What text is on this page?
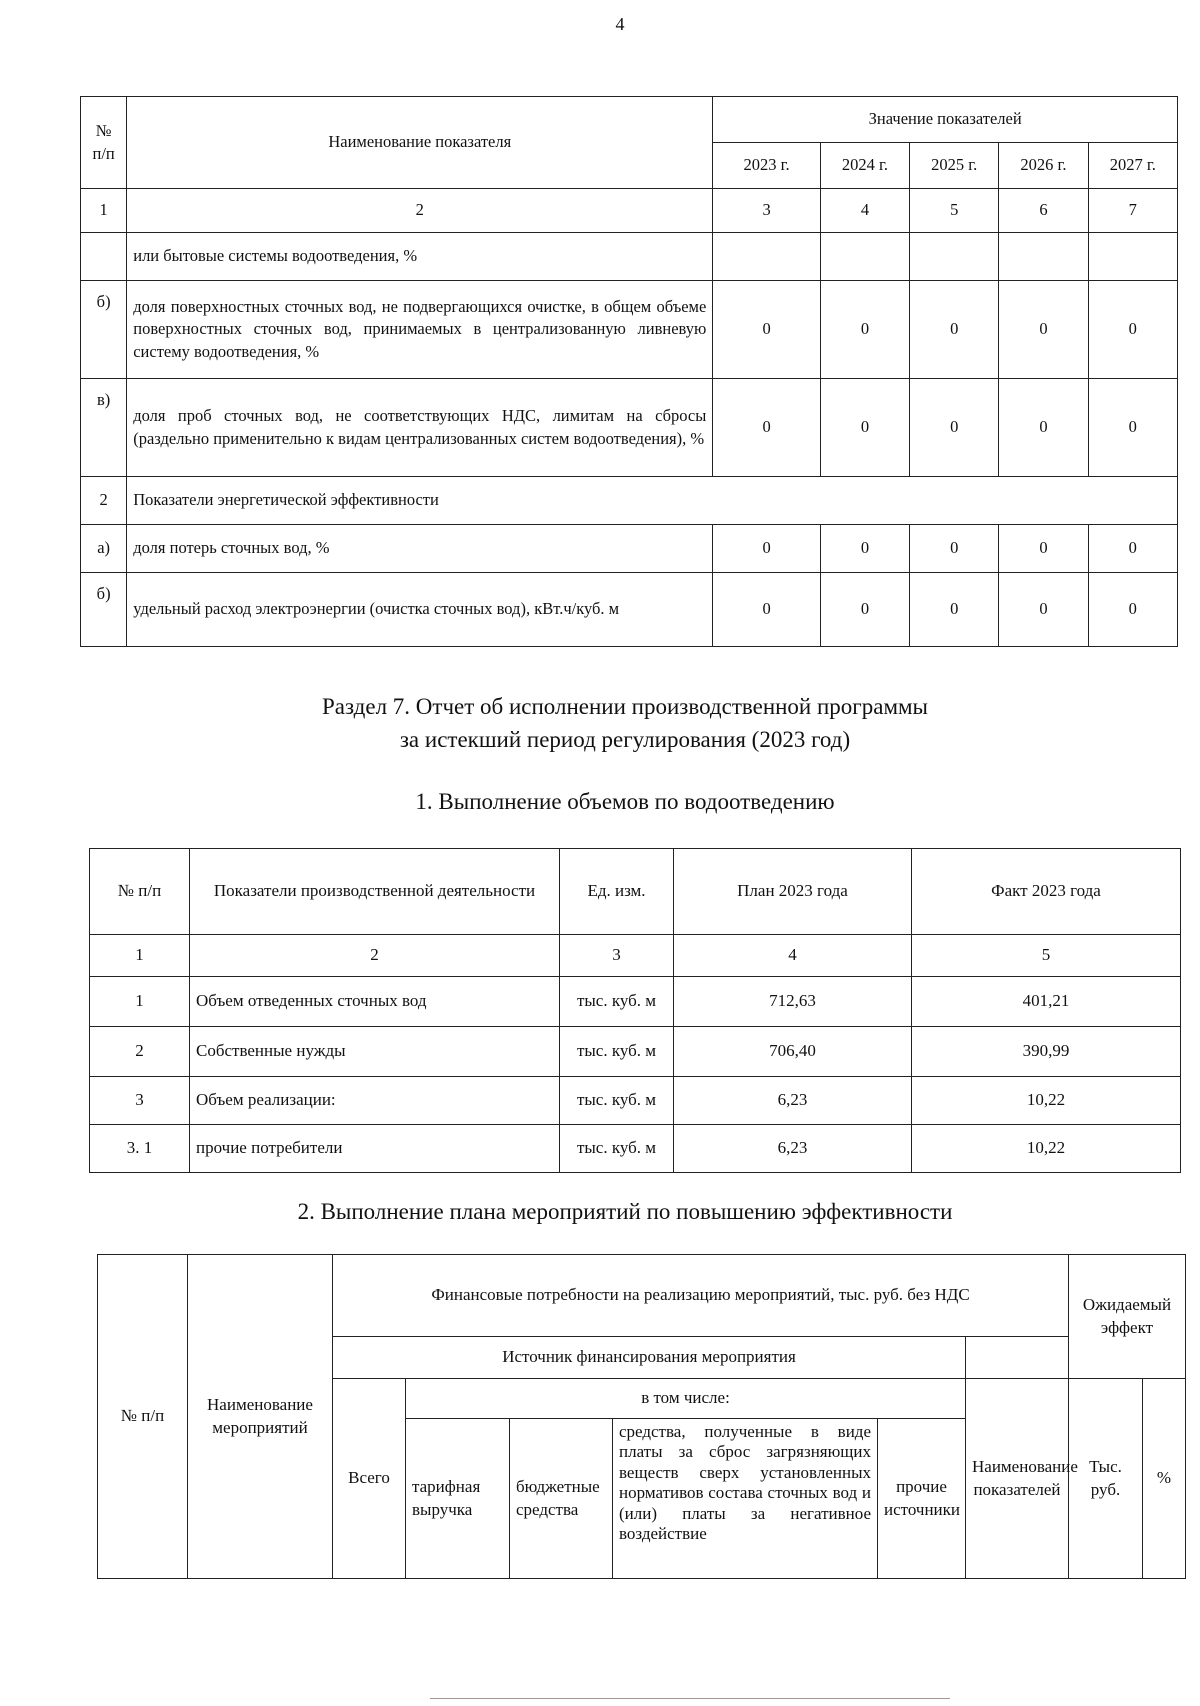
4
№
п/п	Наименование показателя	Значение показателей				
		2023 г.	2024 г.	2025 г.	2026 г.	2027 г.
1	2	3	4	5	6	7
	или бытовые системы водоотведения, %					
б)	доля поверхностных сточных вод, не подвергающихся очистке, в общем объеме поверхностных сточных вод, принимаемых в централизованную ливневую систему водоотведения, %	0	0	0	0	0
в)	доля проб сточных вод, не соответствующих НДС, лимитам на сбросы (раздельно применительно к видам централизованных систем водоотведения), %	0	0	0	0	0
2	Показатели энергетической эффективности					
а)	доля потерь сточных вод, %	0	0	0	0	0
б)	удельный расход электроэнергии (очистка сточных вод), кВт.ч/куб. м	0	0	0	0	0
Раздел 7. Отчет об исполнении производственной программы
за истекший период регулирования (2023 год)
1. Выполнение объемов по водоотведению
№ п/п	Показатели производственной деятельности	Ед. изм.	План 2023 года	Факт 2023 года
1	2	3	4	5
1	Объем отведенных сточных вод	тыс. куб. м	712,63	401,21
2	Собственные нужды	тыс. куб. м	706,40	390,99
3	Объем реализации:	тыс. куб. м	6,23	10,22
3. 1	прочие потребители	тыс. куб. м	6,23	10,22
2. Выполнение плана мероприятий по повышению эффективности
№ п/п	Наименование мероприятий	Финансовые потребности на реализацию мероприятий, тыс. руб. без НДС						Ожидаемый эффект	
		Источник финансирования мероприятия							
		Всего	в том числе:				Наименование показателей	Тыс. руб.	%
			тарифная выручка	бюджетные средства	средства, полученные в виде платы за сброс загрязняющих веществ сверх установленных нормативов состава сточных вод и (или) платы за негативное воздействие	прочие источники			
